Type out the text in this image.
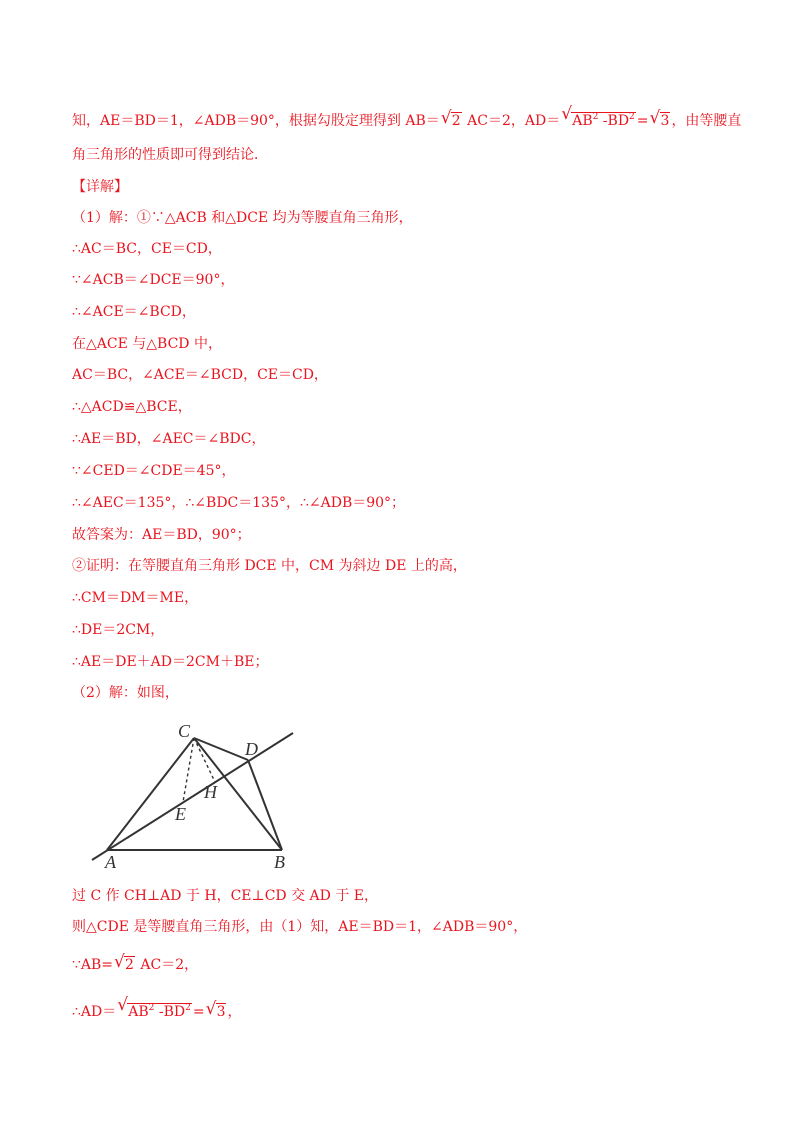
知，AE＝BD＝1，∠ADB＝90°，根据勾股定理得到 AB＝ √ 2 AC＝2，AD＝ √ $AB^2$ $-BD^2$ = √ 3 ，由等腰直
角三角形的性质即可得到结论．
【详解】
（1）解：①∵△ACB 和△DCE 均为等腰直角三角形，
∴AC＝BC，CE＝CD，
∵∠ACB＝∠DCE＝90°，
∴∠ACE＝∠BCD，
在△ACE 与△BCD 中，
AC＝BC，∠ACE＝∠BCD，CE＝CD，
∴△ACD≌△BCE，
∴AE＝BD，∠AEC＝∠BDC，
∵∠CED＝∠CDE＝45°，
∴∠AEC＝135°，∴∠BDC＝135°，∴∠ADB＝90°；
故答案为：AE＝BD，90°；
②证明：在等腰直角三角形 DCE 中，CM 为斜边 DE 上的高，
∴CM＝DM＝ME，
∴DE＝2CM，
∴AE＝DE＋AD＝2CM＋BE；
（2）解：如图，
C
D
H
E
A	B
过 C 作 CH⊥AD 于 H，CE⊥CD 交 AD 于 E，
则△CDE 是等腰直角三角形，由（1）知，AE＝BD＝1，∠ADB＝90°，
∵AB= √ 2 AC＝2，
∴AD＝ √ $AB^2$ $-BD^2$ = √ 3 ，
